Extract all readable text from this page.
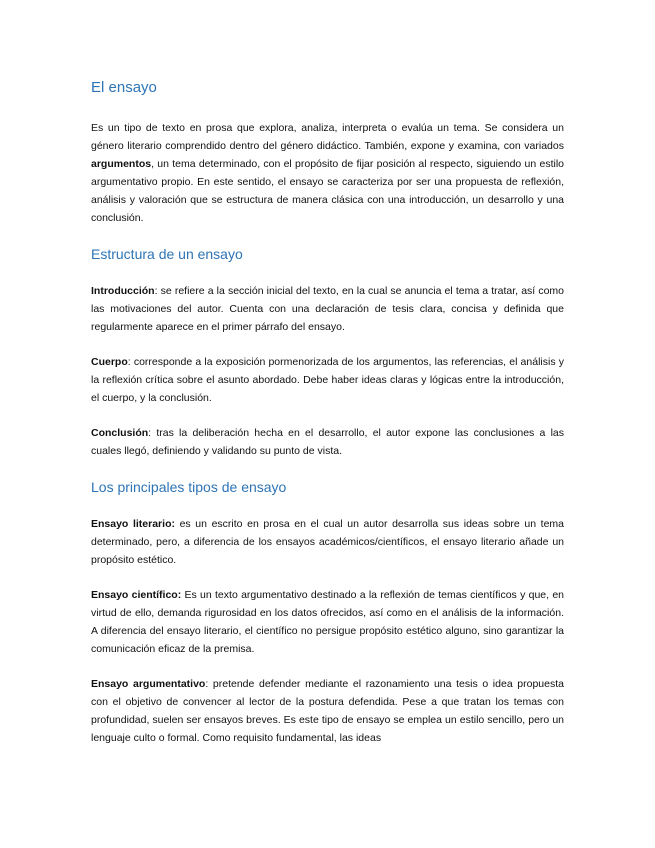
El ensayo

Es un tipo de texto en prosa que explora, analiza, interpreta o evalúa un tema. Se considera un género literario comprendido dentro del género didáctico. También, expone y examina, con variados argumentos, un tema determinado, con el propósito de fijar posición al respecto, siguiendo un estilo argumentativo propio. En este sentido, el ensayo se caracteriza por ser una propuesta de reflexión, análisis y valoración que se estructura de manera clásica con una introducción, un desarrollo y una conclusión.

Estructura de un ensayo

Introducción: se refiere a la sección inicial del texto, en la cual se anuncia el tema a tratar, así como las motivaciones del autor. Cuenta con una declaración de tesis clara, concisa y definida que regularmente aparece en el primer párrafo del ensayo.

Cuerpo: corresponde a la exposición pormenorizada de los argumentos, las referencias, el análisis y la reflexión crítica sobre el asunto abordado. Debe haber ideas claras y lógicas entre la introducción, el cuerpo, y la conclusión.

Conclusión: tras la deliberación hecha en el desarrollo, el autor expone las conclusiones a las cuales llegó, definiendo y validando su punto de vista.

Los principales tipos de ensayo

Ensayo literario: es un escrito en prosa en el cual un autor desarrolla sus ideas sobre un tema determinado, pero, a diferencia de los ensayos académicos/científicos, el ensayo literario añade un propósito estético.

Ensayo científico: Es un texto argumentativo destinado a la reflexión de temas científicos y que, en virtud de ello, demanda rigurosidad en los datos ofrecidos, así como en el análisis de la información. A diferencia del ensayo literario, el científico no persigue propósito estético alguno, sino garantizar la comunicación eficaz de la premisa.

Ensayo argumentativo: pretende defender mediante el razonamiento una tesis o idea propuesta con el objetivo de convencer al lector de la postura defendida. Pese a que tratan los temas con profundidad, suelen ser ensayos breves. Es este tipo de ensayo se emplea un estilo sencillo, pero un lenguaje culto o formal. Como requisito fundamental, las ideas
